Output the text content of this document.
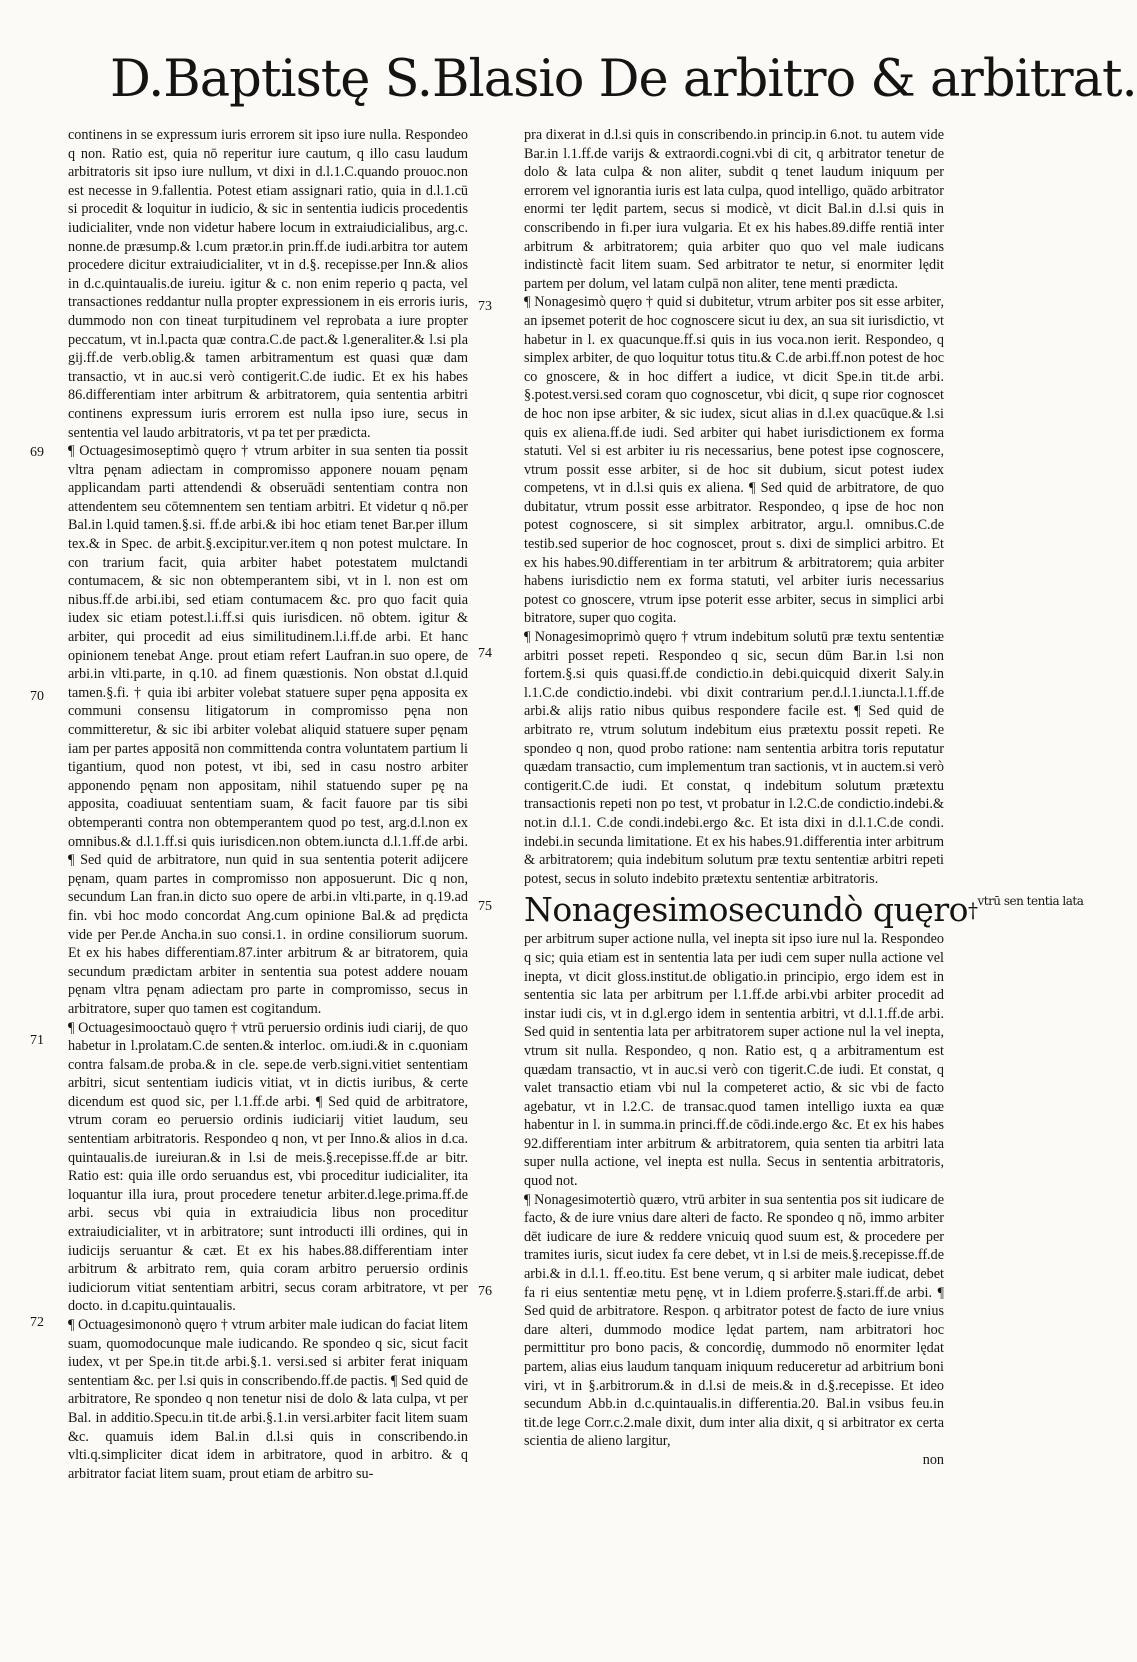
D.Baptistę S.Blasio De arbitro & arbitrat.

continens in se expressum iuris errorem sit ipso iure nulla. Respondeo q non. Ratio est, quia nō reperitur iure cautum, q illo casu laudum arbitratoris sit ipso iure nullum, vt dixi in d.l.1.C.quando prouoc.non est necesse in 9.fallentia. Potest etiam assignari ratio, quia in d.l.1.cū si procedit & loquitur in iudicio, & sic in sententia iudicis procedentis iudicialiter, vnde non videtur habere locum in extraiudicialibus, arg.c. nonne.de præsump.& l.cum prætor.in prin.ff.de iudi.arbitra tor autem procedere dicitur extraiudicialiter, vt in d.§. recepisse.per Inn.& alios in d.c.quintaualis.de iureiu. igitur & c. non enim reperio q pacta, vel transactiones reddantur nulla propter expressionem in eis erroris iuris, dummodo non con tineat turpitudinem vel reprobata a iure propter peccatum, vt in.l.pacta quæ contra.C.de pact.& l.generaliter.& l.si pla gij.ff.de verb.oblig.& tamen arbitramentum est quasi quæ dam transactio, vt in auc.si verò contigerit.C.de iudic. Et ex his habes 86.differentiam inter arbitrum & arbitratorem, quia sententia arbitri continens expressum iuris errorem est nulla ipso iure, secus in sententia vel laudo arbitratoris, vt pa tet per prædicta.

¶ Octuagesimoseptimò quęro † vtrum arbiter in sua senten tia possit vltra pęnam adiectam in compromisso apponere nouam pęnam applicandam parti attendendi & obseruādi sententiam contra non attendentem seu cōtemnentem sen tentiam arbitri. Et videtur q nō.per Bal.in l.quid tamen.§.si. ff.de arbi.& ibi hoc etiam tenet Bar.per illum tex.& in Spec. de arbit.§.excipitur.ver.item q non potest mulctare. In con trarium facit, quia arbiter habet potestatem mulctandi contumacem, & sic non obtemperantem sibi, vt in l. non est om nibus.ff.de arbi.ibi, sed etiam contumacem &c. pro quo facit quia iudex sic etiam potest.l.i.ff.si quis iurisdicen. nō obtem. igitur & arbiter, qui procedit ad eius similitudinem.l.i.ff.de arbi. Et hanc opinionem tenebat Ange. prout etiam refert Laufran.in suo opere, de arbi.in vlti.parte, in q.10. ad finem quæstionis. Non obstat d.l.quid tamen.§.fi. † quia ibi arbiter volebat statuere super pęna apposita ex communi consensu litigatorum in compromisso pęna non committeretur, & sic ibi arbiter volebat aliquid statuere super pęnam iam per partes appositā non committenda contra voluntatem partium li tigantium, quod non potest, vt ibi, sed in casu nostro arbiter apponendo pęnam non appositam, nihil statuendo super pę na apposita, coadiuuat sententiam suam, & facit fauore par tis sibi obtemperanti contra non obtemperantem quod po test, arg.d.l.non ex omnibus.& d.l.1.ff.si quis iurisdicen.non obtem.iuncta d.l.1.ff.de arbi. ¶ Sed quid de arbitratore, nun quid in sua sententia poterit adijcere pęnam, quam partes in compromisso non apposuerunt. Dic q non, secundum Lan fran.in dicto suo opere de arbi.in vlti.parte, in q.19.ad fin. vbi hoc modo concordat Ang.cum opinione Bal.& ad prędicta vide per Per.de Ancha.in suo consi.1. in ordine consiliorum suorum. Et ex his habes differentiam.87.inter arbitrum & ar bitratorem, quia secundum prædictam arbiter in sententia sua potest addere nouam pęnam vltra pęnam adiectam pro parte in compromisso, secus in arbitratore, super quo tamen est cogitandum.

¶ Octuagesimooctauò quęro † vtrū peruersio ordinis iudi ciarij, de quo habetur in l.prolatam.C.de senten.& interloc. om.iudi.& in c.quoniam contra falsam.de proba.& in cle. sepe.de verb.signi.vitiet sententiam arbitri, sicut sententiam iudicis vitiat, vt in dictis iuribus, & certe dicendum est quod sic, per l.1.ff.de arbi. ¶ Sed quid de arbitratore, vtrum coram eo peruersio ordinis iudiciarij vitiet laudum, seu sententiam arbitratoris. Respondeo q non, vt per Inno.& alios in d.ca. quintaualis.de iureiuran.& in l.si de meis.§.recepisse.ff.de ar bitr. Ratio est: quia ille ordo seruandus est, vbi proceditur iudicialiter, ita loquantur illa iura, prout procedere tenetur arbiter.d.lege.prima.ff.de arbi. secus vbi quia in extraiudicia libus non proceditur extraiudicialiter, vt in arbitratore; sunt introducti illi ordines, qui in iudicijs seruantur & cæt. Et ex his habes.88.differentiam inter arbitrum & arbitrato rem, quia coram arbitro peruersio ordinis iudiciorum vitiat sententiam arbitri, secus coram arbitratore, vt per docto. in d.capitu.quintaualis.

¶ Octuagesimononò quęro † vtrum arbiter male iudican do faciat litem suam, quomodocunque male iudicando. Re spondeo q sic, sicut facit iudex, vt per Spe.in tit.de arbi.§.1. versi.sed si arbiter ferat iniquam sententiam &c. per l.si quis in conscribendo.ff.de pactis. ¶ Sed quid de arbitratore, Re spondeo q non tenetur nisi de dolo & lata culpa, vt per Bal. in additio.Specu.in tit.de arbi.§.1.in versi.arbiter facit litem suam &c. quamuis idem Bal.in d.l.si quis in conscribendo.in vlti.q.simpliciter dicat idem in arbitratore, quod in arbitro. & q arbitrator faciat litem suam, prout etiam de arbitro su-

pra dixerat in d.l.si quis in conscribendo.in princip.in 6.not. tu autem vide Bar.in l.1.ff.de varijs & extraordi.cogni.vbi di cit, q arbitrator tenetur de dolo & lata culpa & non aliter, subdit q tenet laudum iniquum per errorem vel ignorantia iuris est lata culpa, quod intelligo, quādo arbitrator enormi ter lędit partem, secus si modicè, vt dicit Bal.in d.l.si quis in conscribendo in fi.per iura vulgaria. Et ex his habes.89.diffe rentiā inter arbitrum & arbitratorem; quia arbiter quo quo vel male iudicans indistinctè facit litem suam. Sed arbitrator te netur, si enormiter lędit partem per dolum, vel latam culpā non aliter, tene menti prædicta.

¶ Nonagesimò quęro † quid si dubitetur, vtrum arbiter pos sit esse arbiter, an ipsemet poterit de hoc cognoscere sicut iu dex, an sua sit iurisdictio, vt habetur in l. ex quacunque.ff.si quis in ius voca.non ierit. Respondeo, q simplex arbiter, de quo loquitur totus titu.& C.de arbi.ff.non potest de hoc co gnoscere, & in hoc differt a iudice, vt dicit Spe.in tit.de arbi. §.potest.versi.sed coram quo cognoscetur, vbi dicit, q supe rior cognoscet de hoc non ipse arbiter, & sic iudex, sicut alias in d.l.ex quacūque.& l.si quis ex aliena.ff.de iudi. Sed arbiter qui habet iurisdictionem ex forma statuti. Vel si est arbiter iu ris necessarius, bene potest ipse cognoscere, vtrum possit esse arbiter, si de hoc sit dubium, sicut potest iudex competens, vt in d.l.si quis ex aliena. ¶ Sed quid de arbitratore, de quo dubitatur, vtrum possit esse arbitrator. Respondeo, q ipse de hoc non potest cognoscere, si sit simplex arbitrator, argu.l. omnibus.C.de testib.sed superior de hoc cognoscet, prout s. dixi de simplici arbitro. Et ex his habes.90.differentiam in ter arbitrum & arbitratorem; quia arbiter habens iurisdictio nem ex forma statuti, vel arbiter iuris necessarius potest co gnoscere, vtrum ipse poterit esse arbiter, secus in simplici arbi bitratore, super quo cogita.

¶ Nonagesimoprimò quęro † vtrum indebitum solutū præ textu sententiæ arbitri posset repeti. Respondeo q sic, secun dūm Bar.in l.si non fortem.§.si quis quasi.ff.de condictio.in debi.quicquid dixerit Saly.in l.1.C.de condictio.indebi. vbi dixit contrarium per.d.l.1.iuncta.l.1.ff.de arbi.& alijs ratio nibus quibus respondere facile est. ¶ Sed quid de arbitrato re, vtrum solutum indebitum eius prætextu possit repeti. Re spondeo q non, quod probo ratione: nam sententia arbitra toris reputatur quædam transactio, cum implementum tran sactionis, vt in auctem.si verò contigerit.C.de iudi. Et constat, q indebitum solutum prætextu transactionis repeti non po test, vt probatur in l.2.C.de condictio.indebi.& not.in d.l.1. C.de condi.indebi.ergo &c. Et ista dixi in d.l.1.C.de condi. indebi.in secunda limitatione. Et ex his habes.91.differentia inter arbitrum & arbitratorem; quia indebitum solutum præ textu sententiæ arbitri repeti potest, secus in soluto indebito prætextu sententiæ arbitratoris.

Nonagesimosecundò quęro†vtrū sen tentia lata

per arbitrum super actione nulla, vel inepta sit ipso iure nul la. Respondeo q sic; quia etiam est in sententia lata per iudi cem super nulla actione vel inepta, vt dicit gloss.institut.de obligatio.in principio, ergo idem est in sententia sic lata per arbitrum per l.1.ff.de arbi.vbi arbiter procedit ad instar iudi cis, vt in d.gl.ergo idem in sententia arbitri, vt d.l.1.ff.de arbi. Sed quid in sententia lata per arbitratorem super actione nul la vel inepta, vtrum sit nulla. Respondeo, q non. Ratio est, q a arbitramentum est quædam transactio, vt in auc.si verò con tigerit.C.de iudi. Et constat, q valet transactio etiam vbi nul la competeret actio, & sic vbi de facto agebatur, vt in l.2.C. de transac.quod tamen intelligo iuxta ea quæ habentur in l. in summa.in princi.ff.de cōdi.inde.ergo &c. Et ex his habes 92.differentiam inter arbitrum & arbitratorem, quia senten tia arbitri lata super nulla actione, vel inepta est nulla. Secus in sententia arbitratoris, quod not.

¶ Nonagesimotertiò quæro, vtrū arbiter in sua sententia pos sit iudicare de facto, & de iure vnius dare alteri de facto. Re spondeo q nō, immo arbiter dēt iudicare de iure & reddere vnicuiq quod suum est, & procedere per tramites iuris, sicut iudex fa cere debet, vt in l.si de meis.§.recepisse.ff.de arbi.& in d.l.1. ff.eo.titu. Est bene verum, q si arbiter male iudicat, debet fa ri eius sententiæ metu pęnę, vt in l.diem proferre.§.stari.ff.de arbi. ¶ Sed quid de arbitratore. Respon. q arbitrator potest de facto de iure vnius dare alteri, dummodo modice lędat partem, nam arbitratori hoc permittitur pro bono pacis, & concordię, dummodo nō enormiter lędat partem, alias eius laudum tanquam iniquum reduceretur ad arbitrium boni viri, vt in §.arbitrorum.& in d.l.si de meis.& in d.§.recepisse. Et ideo secundum Abb.in d.c.quintaualis.in differentia.20. Bal.in vsibus feu.in tit.de lege Corr.c.2.male dixit, dum inter alia dixit, q si arbitrator ex certa scientia de alieno largitur,

non

69
70
71
72
73
74
75
76
